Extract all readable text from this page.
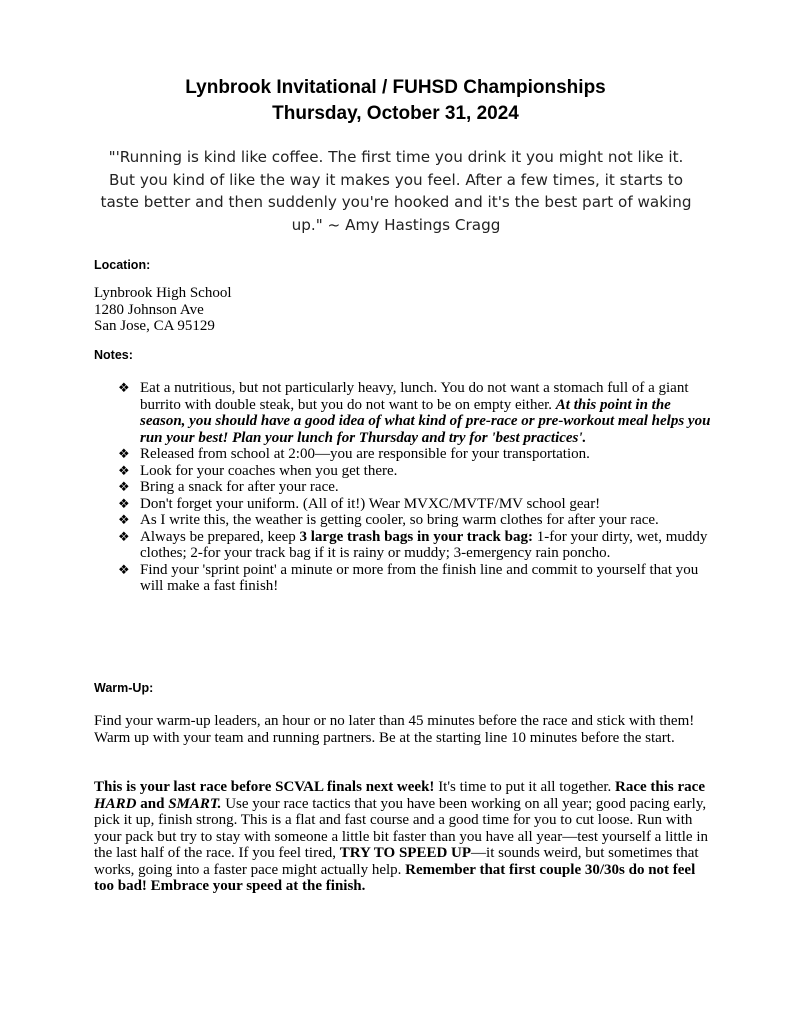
Lynbrook Invitational / FUHSD Championships
Thursday, October 31, 2024
"'Running is kind like coffee. The first time you drink it you might not like it. But you kind of like the way it makes you feel. After a few times, it starts to taste better and then suddenly you're hooked and it's the best part of waking up." ~ Amy Hastings Cragg
Location:
Lynbrook High School
1280 Johnson Ave
San Jose, CA 95129
Notes:
❖ Eat a nutritious, but not particularly heavy, lunch. You do not want a stomach full of a giant burrito with double steak, but you do not want to be on empty either. At this point in the season, you should have a good idea of what kind of pre-race or pre-workout meal helps you run your best! Plan your lunch for Thursday and try for 'best practices'.
❖ Released from school at 2:00—you are responsible for your transportation.
❖ Look for your coaches when you get there.
❖ Bring a snack for after your race.
❖ Don't forget your uniform. (All of it!) Wear MVXC/MVTF/MV school gear!
❖ As I write this, the weather is getting cooler, so bring warm clothes for after your race.
❖ Always be prepared, keep 3 large trash bags in your track bag: 1-for your dirty, wet, muddy clothes; 2-for your track bag if it is rainy or muddy; 3-emergency rain poncho.
❖ Find your 'sprint point' a minute or more from the finish line and commit to yourself that you will make a fast finish!
Warm-Up:
Find your warm-up leaders, an hour or no later than 45 minutes before the race and stick with them! Warm up with your team and running partners. Be at the starting line 10 minutes before the start.
This is your last race before SCVAL finals next week! It's time to put it all together. Race this race HARD and SMART. Use your race tactics that you have been working on all year; good pacing early, pick it up, finish strong. This is a flat and fast course and a good time for you to cut loose. Run with your pack but try to stay with someone a little bit faster than you have all year—test yourself a little in the last half of the race. If you feel tired, TRY TO SPEED UP—it sounds weird, but sometimes that works, going into a faster pace might actually help. Remember that first couple 30/30s do not feel too bad! Embrace your speed at the finish.
